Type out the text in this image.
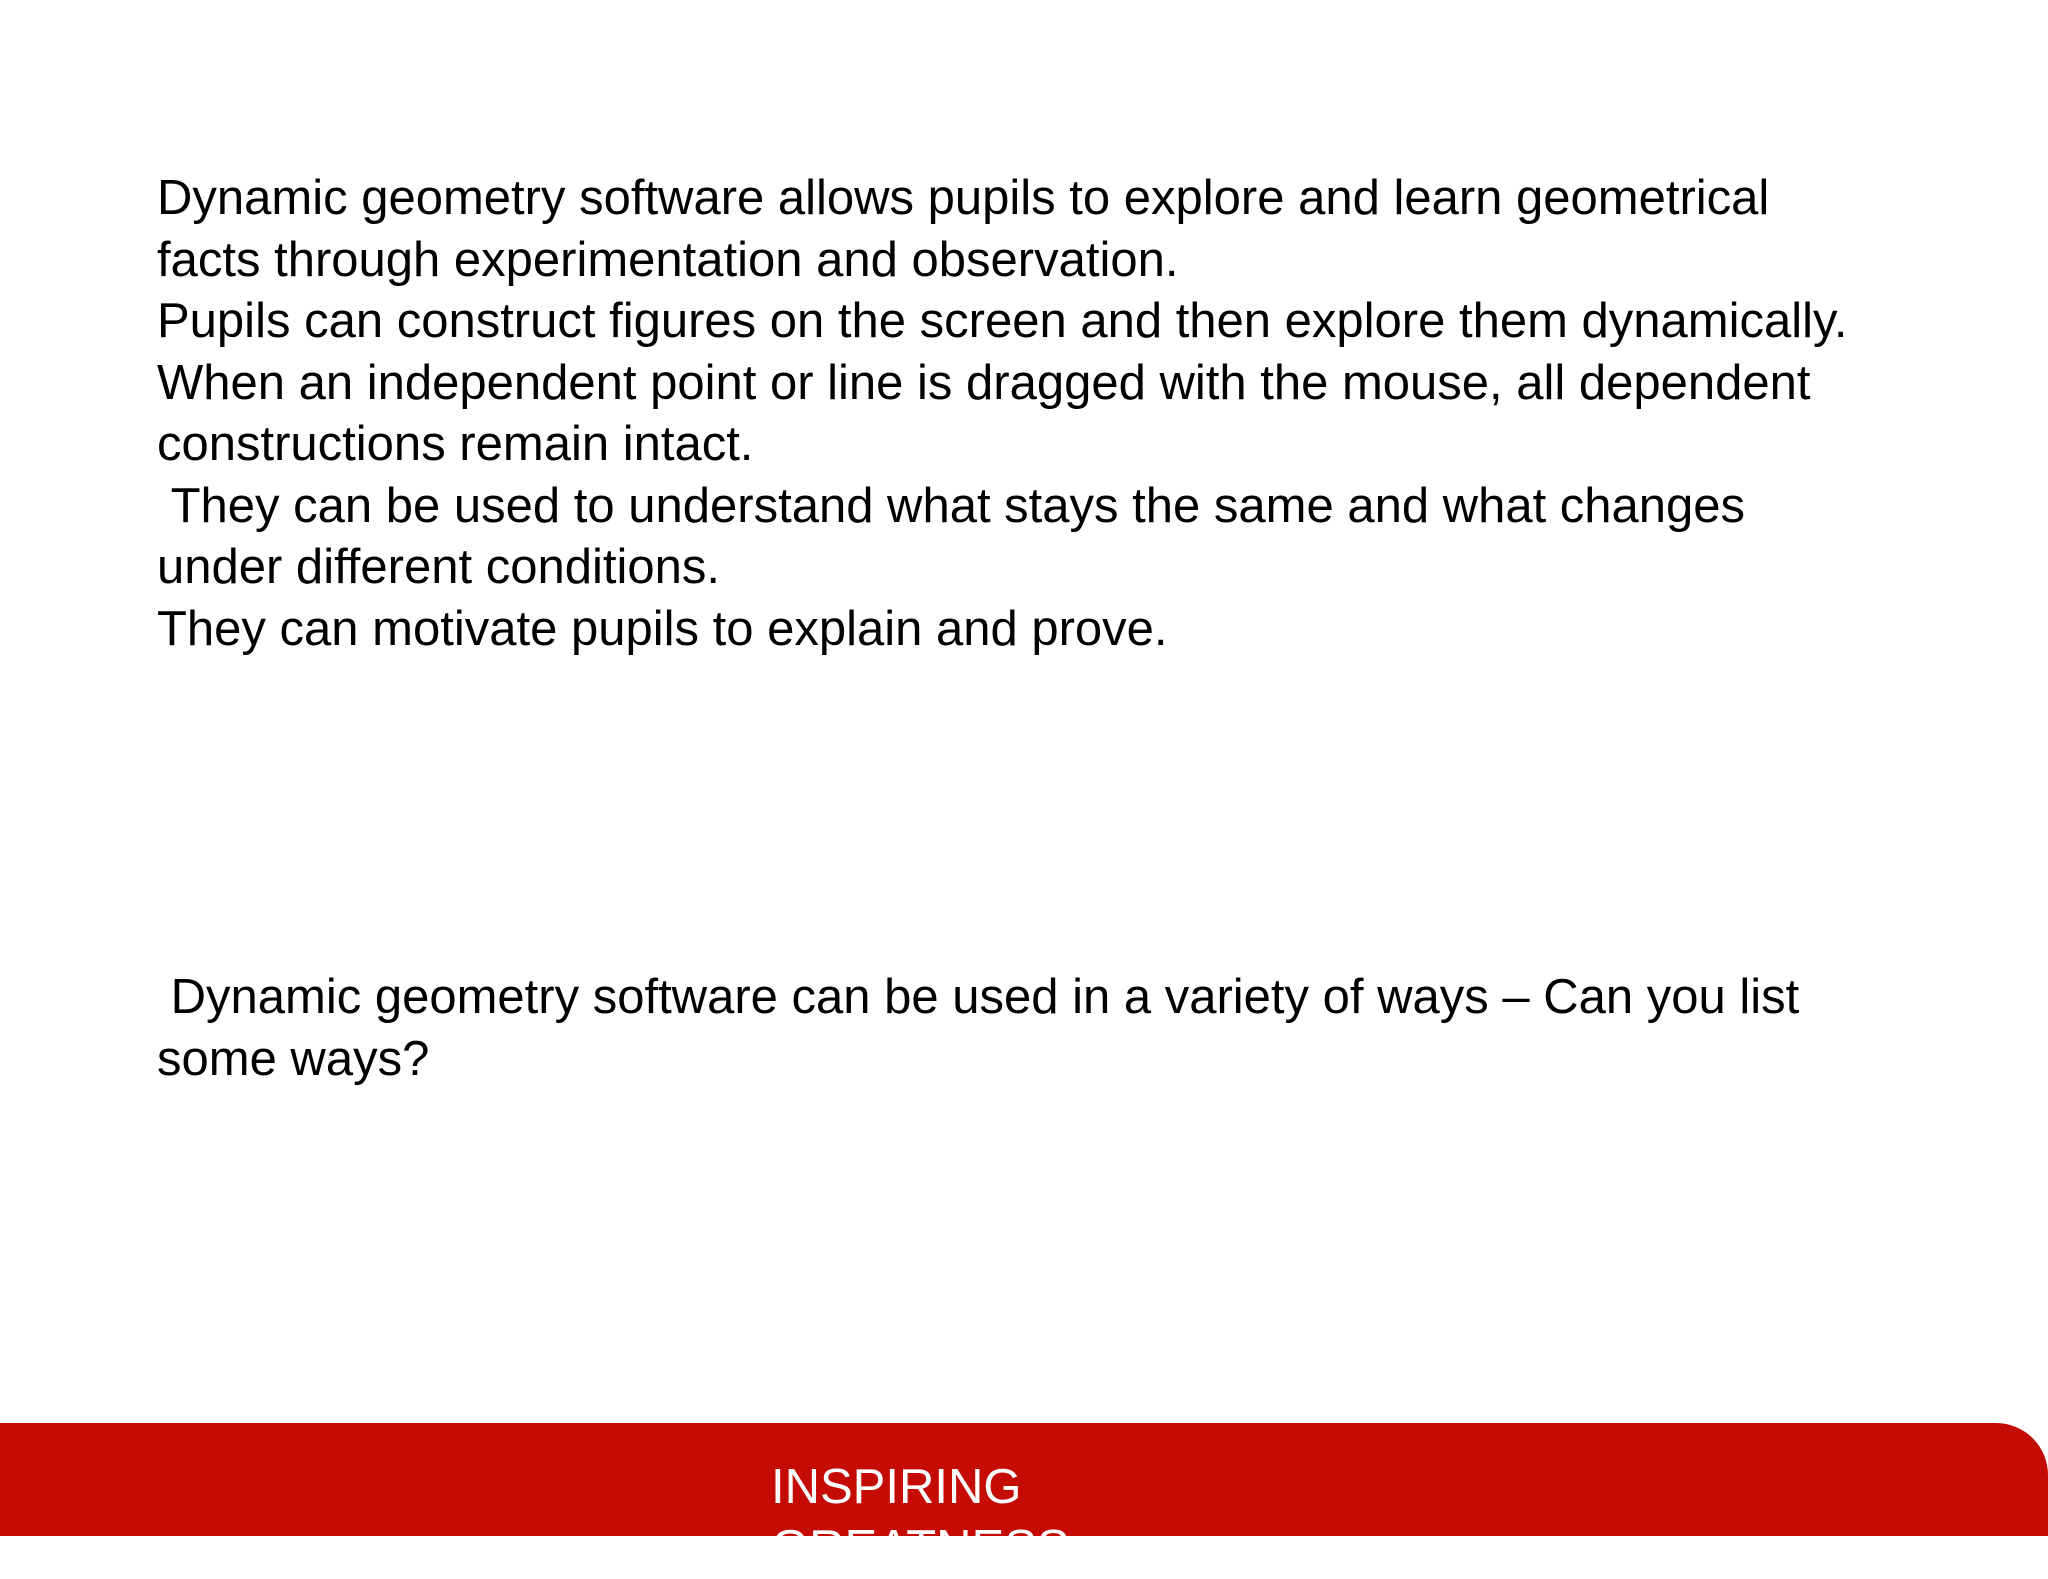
Dynamic geometry software allows pupils to explore and learn geometrical facts through experimentation and observation.

Pupils can construct figures on the screen and then explore them dynamically.

When an independent point or line is dragged with the mouse, all dependent constructions remain intact.

They can be used to understand what stays the same and what changes under different conditions.

They can motivate pupils to explain and prove.

Dynamic geometry software can be used in a variety of ways – Can you list some ways?

INSPIRING
GREATNESS
